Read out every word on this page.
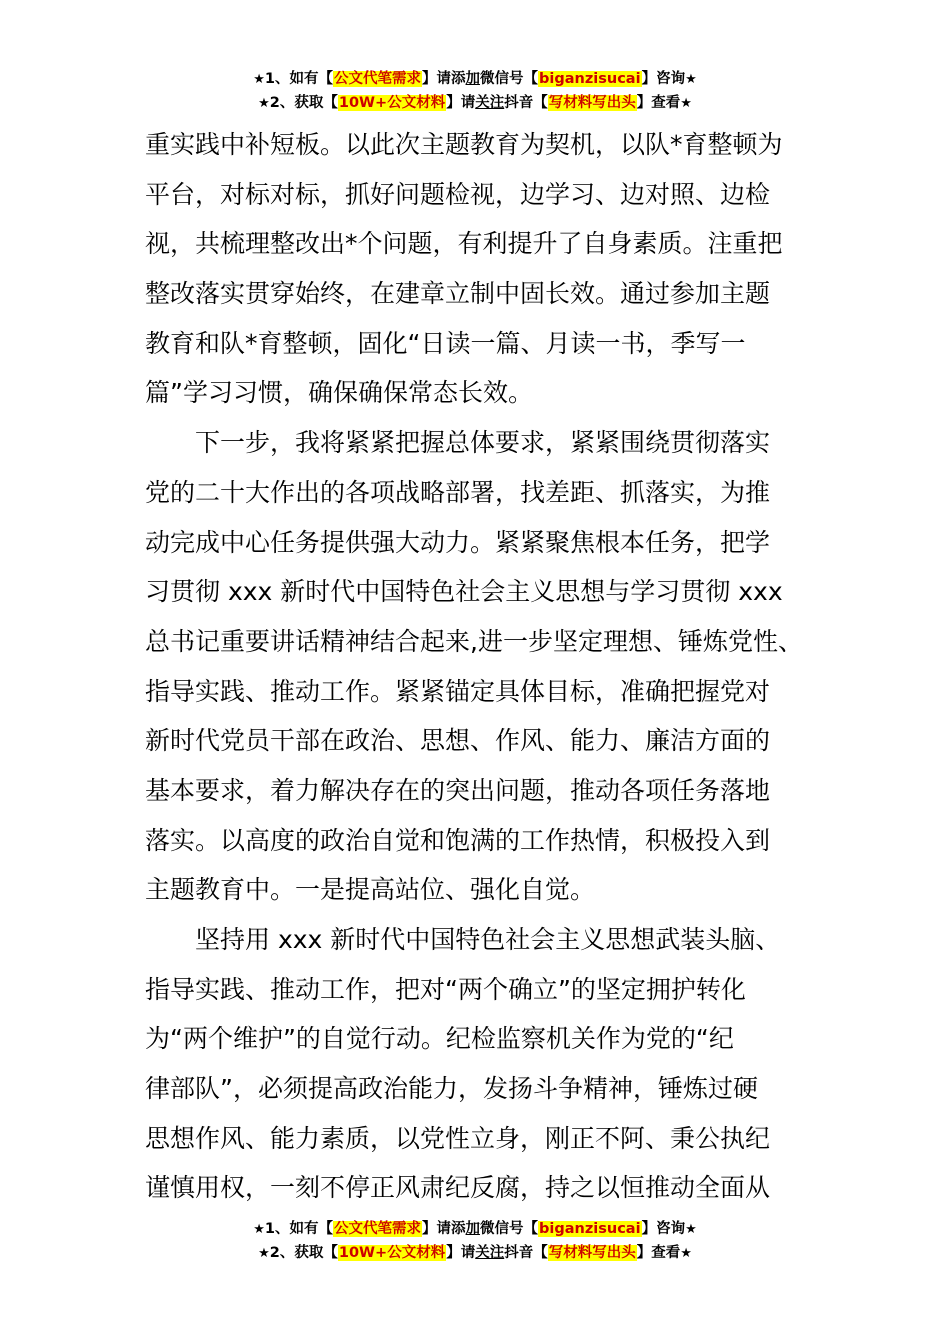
★1、如有【公文代笔需求】请添加微信号【biganzisucai】咨询★
★2、获取【10W+公文材料】请关注抖音【写材料写出头】查看★
重实践中补短板。以此次主题教育为契机，以队*育整顿为
平台，对标对标，抓好问题检视，边学习、边对照、边检
视，共梳理整改出*个问题，有利提升了自身素质。注重把
整改落实贯穿始终，在建章立制中固长效。通过参加主题
教育和队*育整顿，固化“日读一篇、月读一书，季写一
篇”学习习惯，确保确保常态长效。
下一步，我将紧紧把握总体要求，紧紧围绕贯彻落实
党的二十大作出的各项战略部署，找差距、抓落实，为推
动完成中心任务提供强大动力。紧紧聚焦根本任务，把学
习贯彻 xxx 新时代中国特色社会主义思想与学习贯彻 xxx
总书记重要讲话精神结合起来,进一步坚定理想、锤炼党性、
指导实践、推动工作。紧紧锚定具体目标，准确把握党对
新时代党员干部在政治、思想、作风、能力、廉洁方面的
基本要求，着力解决存在的突出问题，推动各项任务落地
落实。以高度的政治自觉和饱满的工作热情，积极投入到
主题教育中。一是提高站位、强化自觉。
坚持用 xxx 新时代中国特色社会主义思想武装头脑、
指导实践、推动工作，把对“两个确立”的坚定拥护转化
为“两个维护”的自觉行动。纪检监察机关作为党的“纪
律部队”，必须提高政治能力，发扬斗争精神，锤炼过硬
思想作风、能力素质，以党性立身，刚正不阿、秉公执纪
谨慎用权，一刻不停正风肃纪反腐，持之以恒推动全面从
★1、如有【公文代笔需求】请添加微信号【biganzisucai】咨询★
★2、获取【10W+公文材料】请关注抖音【写材料写出头】查看★
